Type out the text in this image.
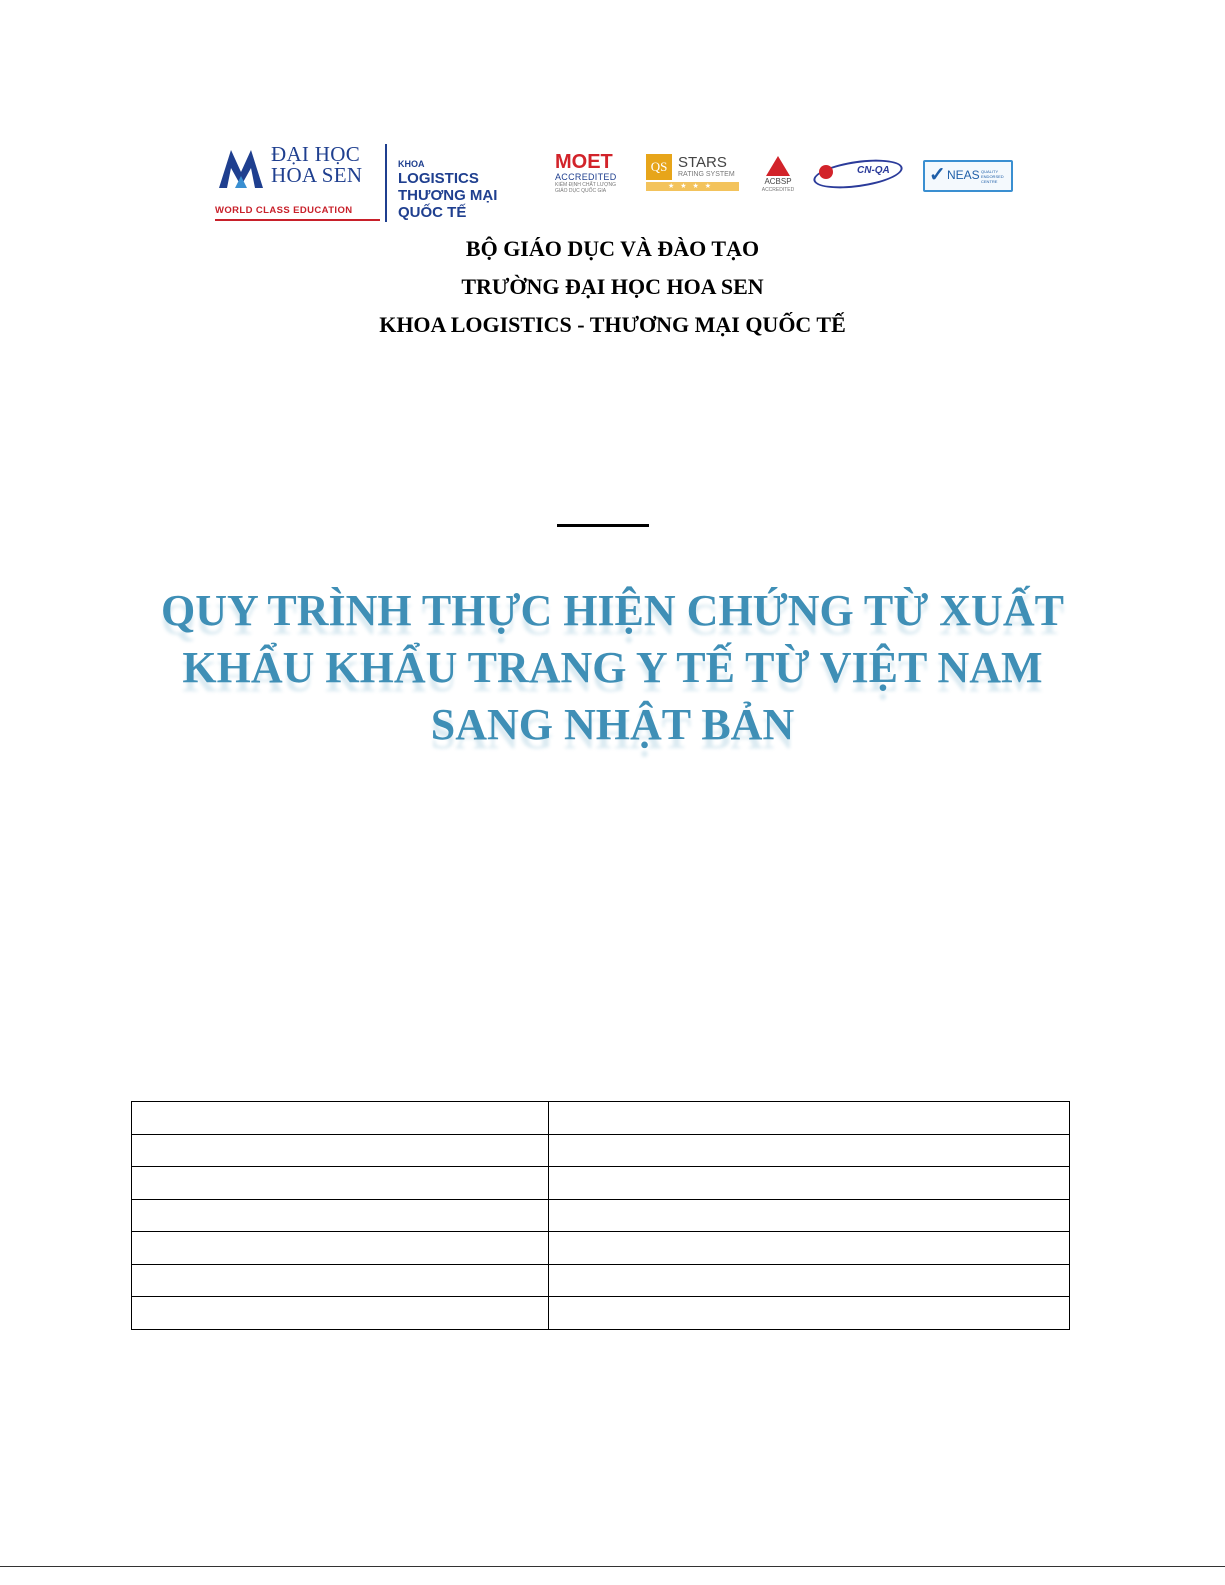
ĐẠI HỌC
HOA SEN
WORLD CLASS EDUCATION
KHOA
LOGISTICS
THƯƠNG MẠI
QUỐC TẾ
MOET
ACCREDITED
KIỂM ĐỊNH CHẤT LƯỢNG GIÁO DỤC QUỐC GIA
QS STARS
RATING SYSTEM
★★★★
ACBSP
ACCREDITED
CN-QA ✓ NEAS QUALITY ENDORSED CENTRE
BỘ GIÁO DỤC VÀ ĐÀO TẠO
TRƯỜNG ĐẠI HỌC HOA SEN
KHOA LOGISTICS - THƯƠNG MẠI QUỐC TẾ
QUY TRÌNH THỰC HIỆN CHỨNG TỪ XUẤT
KHẨU KHẨU TRANG Y TẾ TỪ VIỆT NAM
SANG NHẬT BẢN
